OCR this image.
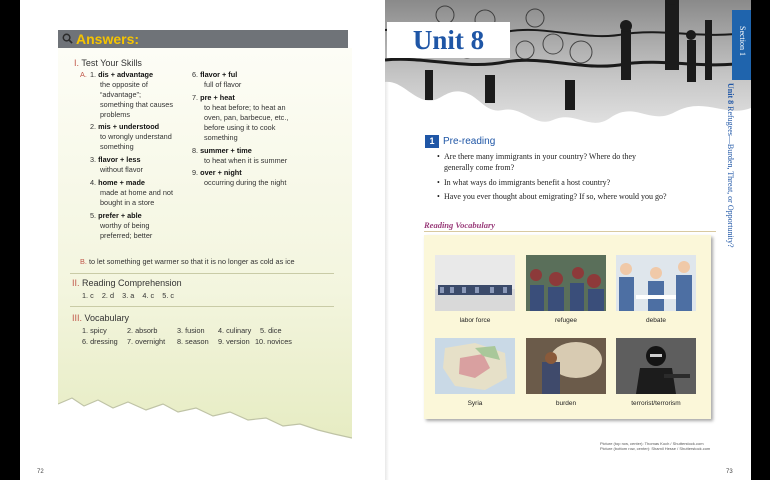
Answers:
I. Test Your Skills
A. 1. dis + advantage
the opposite of
“advantage”;
something that causes
problems
2. mis + understood
to wrongly understand
something
3. flavor + less
without flavor
4. home + made
made at home and not
bought in a store
5. prefer + able
worthy of being
preferred; better
6. flavor + ful
full of flavor
7. pre + heat
to heat before; to heat an
oven, pan, barbecue, etc.,
before using it to cook
something
8. summer + time
to heat when it is summer
9. over + night
occurring during the night
B. to let something get warmer so that it is no longer as cold as ice
II. Reading Comprehension
1. c    2. d    3. a    4. c    5. c
III. Vocabulary
1. spicy	2. absorb	3. fusion 4. culinary 5. dice
6. dressing 7. overnight 8. season 9. version 10. novices
72
Unit 8	Section 1
Unit 8 Refugees—Burden, Threat, or Opportunity?
1 Pre-reading
• Are there many immigrants in your country? Where do they
generally come from?
• In what ways do immigrants benefit a host country?
• Have you ever thought about emigrating? If so, where would you go?
Reading Vocabulary
labor force	refugee	debate
Syria	burden	terrorist/terrorism
Picture (top row, center): Thomas Koch / Shutterstock.com
Picture (bottom row, center): Shamil Hesse / Shutterstock.com
73
